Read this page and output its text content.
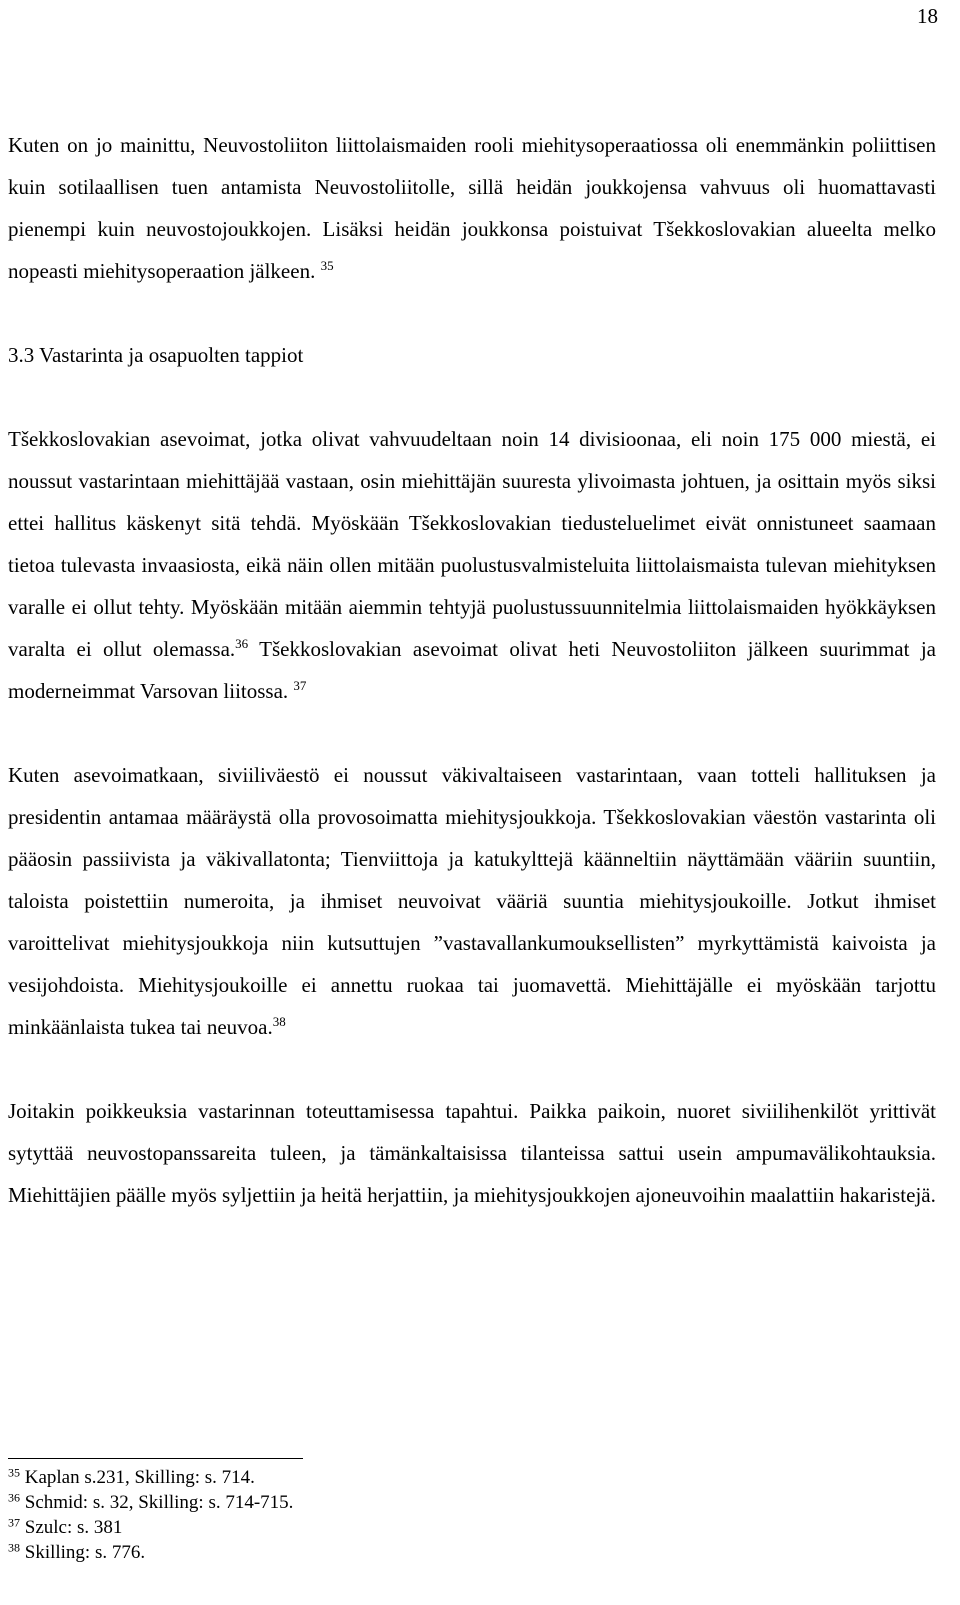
18

Kuten on jo mainittu, Neuvostoliiton liittolaismaiden rooli miehitysoperaatiossa oli enemmänkin poliittisen kuin sotilaallisen tuen antamista Neuvostoliitolle, sillä heidän joukkojensa vahvuus oli huomattavasti pienempi kuin neuvostojoukkojen. Lisäksi heidän joukkonsa poistuivat Tšekkoslovakian alueelta melko nopeasti miehitysoperaation jälkeen. $^{35}$

3.3 Vastarinta ja osapuolten tappiot

Tšekkoslovakian asevoimat, jotka olivat vahvuudeltaan noin 14 divisioonaa, eli noin 175 000 miestä, ei noussut vastarintaan miehittäjää vastaan, osin miehittäjän suuresta ylivoimasta johtuen, ja osittain myös siksi ettei hallitus käskenyt sitä tehdä. Myöskään Tšekkoslovakian tiedusteluelimet eivät onnistuneet saamaan tietoa tulevasta invaasiosta, eikä näin ollen mitään puolustusvalmisteluita liittolaismaista tulevan miehityksen varalle ei ollut tehty. Myöskään mitään aiemmin tehtyjä puolustussuunnitelmia liittolaismaiden hyökkäyksen varalta ei ollut olemassa.$^{36}$ Tšekkoslovakian asevoimat olivat heti Neuvostoliiton jälkeen suurimmat ja moderneimmat Varsovan liitossa. $^{37}$

Kuten asevoimatkaan, siviiliväestö ei noussut väkivaltaiseen vastarintaan, vaan totteli hallituksen ja presidentin antamaa määräystä olla provosoimatta miehitysjoukkoja. Tšekkoslovakian väestön vastarinta oli pääosin passiivista ja väkivallatonta; Tienviittoja ja katukylttejä käänneltiin näyttämään vääriin suuntiin, taloista poistettiin numeroita, ja ihmiset neuvoivat vääriä suuntia miehitysjoukoille. Jotkut ihmiset varoittelivat miehitysjoukkoja niin kutsuttujen ”vastavallankumouksellisten” myrkyttämistä kaivoista ja vesijohdoista. Miehitysjoukoille ei annettu ruokaa tai juomavettä. Miehittäjälle ei myöskään tarjottu minkäänlaista tukea tai neuvoa.$^{38}$

Joitakin poikkeuksia vastarinnan toteuttamisessa tapahtui. Paikka paikoin, nuoret siviilihenkilöt yrittivät sytyttää neuvostopanssareita tuleen, ja tämänkaltaisissa tilanteissa sattui usein ampumavälikohtauksia. Miehittäjien päälle myös syljettiin ja heitä herjattiin, ja miehitysjoukkojen ajoneuvoihin maalattiin hakaristejä.

$^{35}$ Kaplan s.231, Skilling: s. 714.

$^{36}$ Schmid: s. 32, Skilling: s. 714-715.

$^{37}$ Szulc: s. 381

$^{38}$ Skilling: s. 776.
